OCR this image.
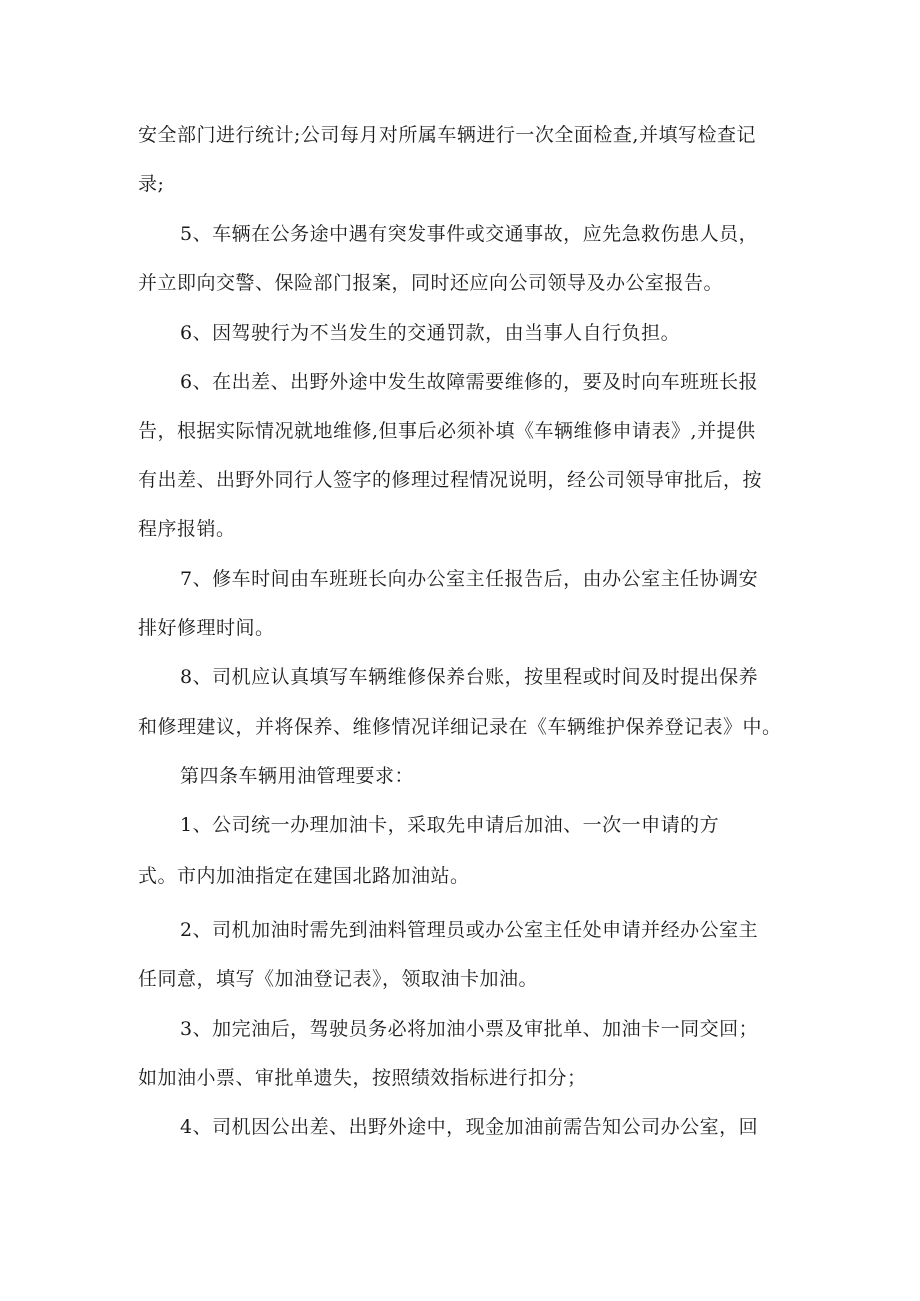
安全部门进行统计;公司每月对所属车辆进行一次全面检查,并填写检查记
录;
5、车辆在公务途中遇有突发事件或交通事故，应先急救伤患人员，
并立即向交警、保险部门报案，同时还应向公司领导及办公室报告。
6、因驾驶行为不当发生的交通罚款，由当事人自行负担。
6、在出差、出野外途中发生故障需要维修的，要及时向车班班长报
告，根据实际情况就地维修,但事后必须补填《车辆维修申请表》,并提供
有出差、出野外同行人签字的修理过程情况说明，经公司领导审批后，按
程序报销。
7、修车时间由车班班长向办公室主任报告后，由办公室主任协调安
排好修理时间。
8、司机应认真填写车辆维修保养台账，按里程或时间及时提出保养
和修理建议，并将保养、维修情况详细记录在《车辆维护保养登记表》中。
第四条车辆用油管理要求：
1、公司统一办理加油卡，采取先申请后加油、一次一申请的方
式。市内加油指定在建国北路加油站。
2、司机加油时需先到油料管理员或办公室主任处申请并经办公室主
任同意，填写《加油登记表》，领取油卡加油。
3、加完油后，驾驶员务必将加油小票及审批单、加油卡一同交回；
如加油小票、审批单遗失，按照绩效指标进行扣分；
4、司机因公出差、出野外途中，现金加油前需告知公司办公室，回
